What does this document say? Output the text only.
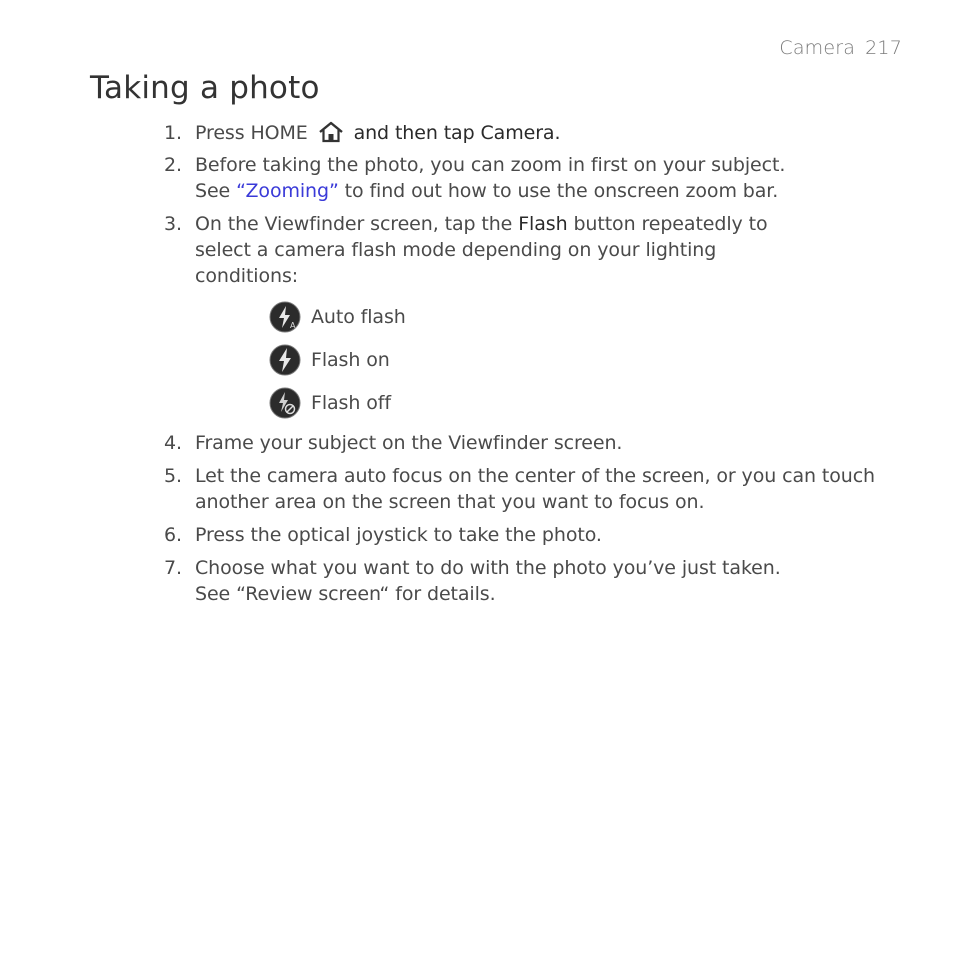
Camera 217
Taking a photo
1. Press HOME  and then tap Camera.
2. Before taking the photo, you can zoom in first on your subject.
See “Zooming” to find out how to use the onscreen zoom bar.
3. On the Viewfinder screen, tap the Flash button repeatedly to select a camera flash mode depending on your lighting conditions:
A Auto flash
Flash on
Flash off
4. Frame your subject on the Viewfinder screen.
5. Let the camera auto focus on the center of the screen, or you can touch another area on the screen that you want to focus on.
6. Press the optical joystick to take the photo.
7. Choose what you want to do with the photo you’ve just taken.
See “Review screen“ for details.
